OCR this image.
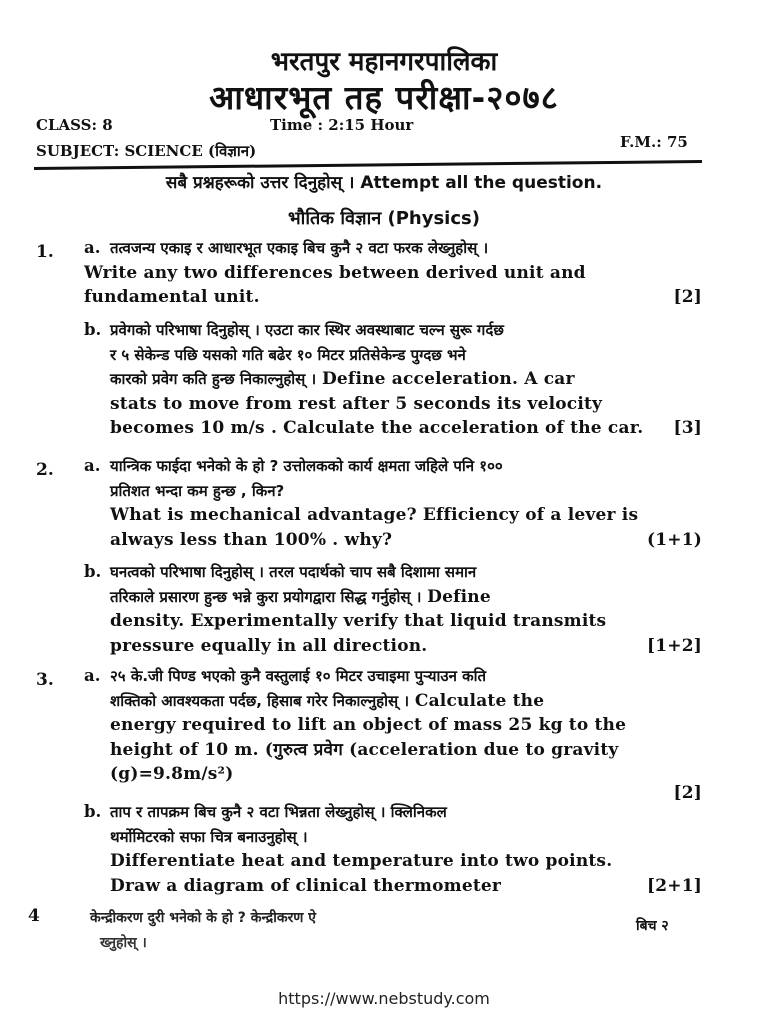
भरतपुर महानगरपालिका
आधारभूत तह परीक्षा-२०७८
CLASS: 8	Time : 2:15 Hour
SUBJECT: SCIENCE (विज्ञान)	F.M.: 75
सबै प्रश्नहरूको उत्तर दिनुहोस् । Attempt all the question.
भौतिक विज्ञान (Physics)
1. a. तत्वजन्य एकाइ र आधारभूत एकाइ बिच कुनै २ वटा फरक लेख्नुहोस् ।
Write any two differences between derived unit and
fundamental unit.	[2]
b. प्रवेगको परिभाषा दिनुहोस् । एउटा कार स्थिर अवस्थाबाट चल्न सुरू गर्दछ
र ५ सेकेन्ड पछि यसको गति बढेर १० मिटर प्रतिसेकेन्ड पुग्दछ भने
कारको प्रवेग कति हुन्छ निकाल्नुहोस् । Define acceleration. A car
stats to move from rest after 5 seconds its velocity
becomes 10 m/s . Calculate the acceleration of the car. [3]
2. a. यान्त्रिक फाईदा भनेको के हो ? उत्तोलकको कार्य क्षमता जहिले पनि १००
प्रतिशत भन्दा कम हुन्छ , किन?
What is mechanical advantage? Efficiency of a lever is
always less than 100% . why?	(1+1)
b. घनत्वको परिभाषा दिनुहोस् । तरल पदार्थको चाप सबै दिशामा समान
तरिकाले प्रसारण हुन्छ भन्ने कुरा प्रयोगद्वारा सिद्ध गर्नुहोस् । Define
density. Experimentally verify that liquid transmits
pressure equally in all direction.	[1+2]
3. a. २५ के.जी पिण्ड भएको कुनै वस्तुलाई १० मिटर उचाइमा पुर्‍याउन कति
शक्तिको आवश्यकता पर्दछ, हिसाब गरेर निकाल्नुहोस् । Calculate the
energy required to lift an object of mass 25 kg to the
height of 10 m. (गुरुत्व प्रवेग (acceleration due to gravity
(g)=9.8m/s²)
[2]
b. ताप र तापक्रम बिच कुनै २ वटा भिन्नता लेख्नुहोस् । क्लिनिकल
थर्मोमिटरको सफा चित्र बनाउनुहोस् ।
Differentiate heat and temperature into two points.
Draw a diagram of clinical thermometer	[2+1]
4	केन्द्रीकरण दुरी भनेको के हो ? केन्द्रीकरण ऐ	बिच २
ख्नुहोस् ।
https://www.nebstudy.com
